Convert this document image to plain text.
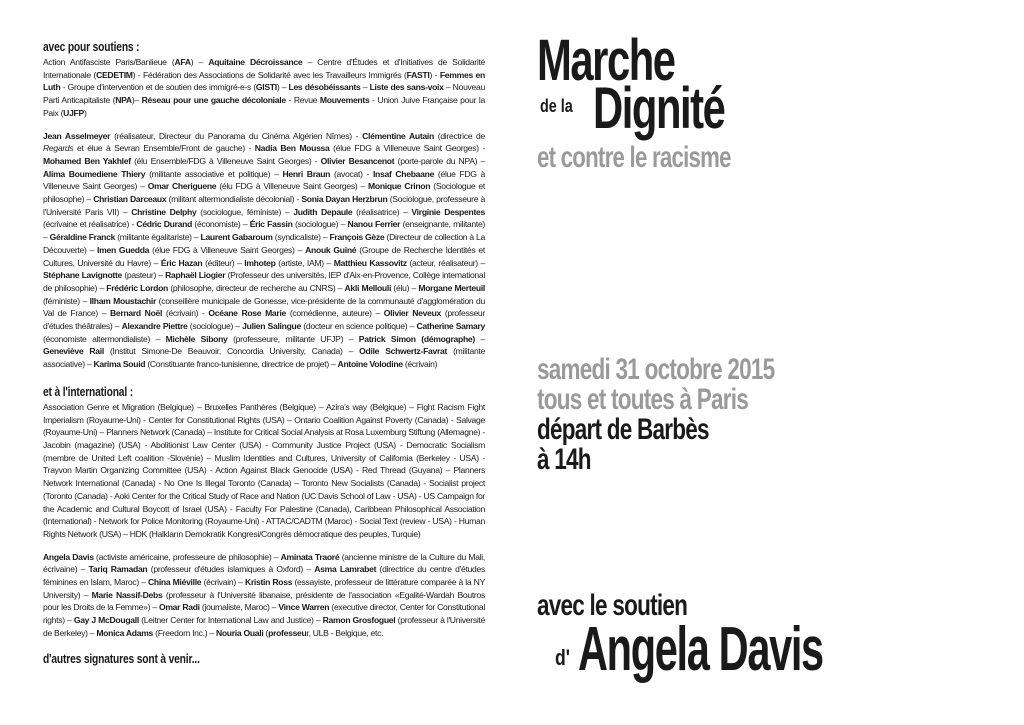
avec pour soutiens :

Action Antifasciste Paris/Banlieue (AFA) – Aquitaine Décroissance – Centre d'Études et d'Initiatives de Solidarité Internationale (CEDETIM) - Fédération des Associations de Solidarité avec les Travailleurs Immigrés (FASTI) - Femmes en Luth - Groupe d'intervention et de soutien des immigré-e-s (GISTI) – Les désobéissants – Liste des sans-voix – Nouveau Parti Anticapitaliste (NPA)– Réseau pour une gauche décoloniale - Revue Mouvements - Union Juive Française pour la Paix (UJFP)

Jean Asselmeyer (réalisateur, Directeur du Panorama du Cinéma Algérien Nîmes) - Clémentine Autain (directrice de Regards et élue à Sevran Ensemble/Front de gauche) - Nadia Ben Moussa (élue FDG à Villeneuve Saint Georges) - Mohamed Ben Yakhlef (élu Ensemble/FDG à Villeneuve Saint Georges) - Olivier Besancenot (porte-parole du NPA) – Alima Boumediene Thiery (militante associative et politique) – Henri Braun (avocat) - Insaf Chebaane (élue FDG à Villeneuve Saint Georges) – Omar Cheriguene (élu FDG à Villeneuve Saint Georges) – Monique Crinon (Sociologue et philosophe) – Christian Darceaux (militant altermondialiste décolonial) - Sonia Dayan Herzbrun (Sociologue, professeure à l'Université Paris VII) – Christine Delphy (sociologue, féministe) – Judith Depaule (réalisatrice) – Virginie Despentes (écrivaine et réalisatrice) - Cédric Durand (économiste) – Éric Fassin (sociologue) – Nanou Ferrier (enseignante, militante) – Géraldine Franck (militante égalitariste) – Laurent Gabaroum (syndicaliste) – François Gèze (Directeur de collection à La Découverte) – Imen Guedda (élue FDG à Villeneuve Saint Georges) – Anouk Guiné (Groupe de Recherche Identités et Cultures, Université du Havre) – Éric Hazan (éditeur) – Imhotep (artiste, IAM) – Matthieu Kassovitz (acteur, réalisateur) – Stéphane Lavignotte (pasteur) – Raphaël Liogier (Professeur des universités, IEP d'Aix-en-Provence, Collège international de philosophie) – Frédéric Lordon (philosophe, directeur de recherche au CNRS) – Akli Mellouli (élu) – Morgane Merteuil (féministe) – Ilham Moustachir (conseillère municipale de Gonesse, vice-présidente de la communauté d'agglomération du Val de France) – Bernard Noël (écrivain) - Océane Rose Marie (comédienne, auteure) – Olivier Neveux (professeur d'études théâtrales) – Alexandre Piettre (sociologue) – Julien Salingue (docteur en science politique) – Catherine Samary (économiste altermondialiste) – Michèle Sibony (professeure, militante UFJP) – Patrick Simon (démographe) – Geneviève Rail (Institut Simone-De Beauvoir, Concordia University, Canada) – Odile Schwertz-Favrat (militante associative) – Karima Souid (Constituante franco-tunisienne, directrice de projet) – Antoine Volodine (écrivain)

et à l'international :

Association Genre et Migration (Belgique) – Bruxelles Panthères (Belgique) – Azira's way (Belgique) – Fight Racism Fight Imperialism (Royaume-Uni) - Center for Constitutional Rights (USA) – Ontario Coalition Against Poverty (Canada) - Salvage (Royaume-Uni) – Planners Network (Canada) – Institute for Critical Social Analysis at Rosa Luxemburg Stiftung (Allemagne) - Jacobin (magazine) (USA) - Abolitionist Law Center (USA) - Community Justice Project (USA) - Democratic Socialism (membre de United Left coalition -Slovénie) – Muslim Identities and Cultures, University of California (Berkeley - USA) - Trayvon Martin Organizing Committee (USA) - Action Against Black Genocide (USA) - Red Thread (Guyana) – Planners Network International (Canada) - No One Is Illegal Toronto (Canada) – Toronto New Socialists (Canada) - Socialist project (Toronto (Canada) - Aoki Center for the Critical Study of Race and Nation (UC Davis School of Law - USA) - US Campaign for the Academic and Cultural Boycott of Israel (USA) - Faculty For Palestine (Canada), Caribbean Philosophical Association (International) - Network for Police Monitoring (Royaume-Uni) - ATTAC/CADTM (Maroc) - Social Text (review - USA) - Human Rights Network (USA) – HDK (Halkların Demokratik Kongresi/Congrès démocratique des peuples, Turquie)

Angela Davis (activiste américaine, professeure de philosophie) – Aminata Traoré (ancienne ministre de la Culture du Mali, écrivaine) – Tariq Ramadan (professeur d'études islamiques à Oxford) – Asma Lamrabet (directrice du centre d'études féminines en Islam, Maroc) – China Miéville (écrivain) – Kristin Ross (essayiste, professeur de littérature comparée à la NY University) – Marie Nassif-Debs (professeur à l'Université libanaise, présidente de l'association «Egalité-Wardah Boutros pour les Droits de la Femme») – Omar Radi (journaliste, Maroc) – Vince Warren (executive director, Center for Constitutional rights) – Gay J McDougall (Leitner Center for International Law and Justice) – Ramon Grosfoguel (professeur à l'Université de Berkeley) – Monica Adams (Freedom Inc.) – Nouria Ouali (professeur, ULB - Belgique, etc.

d'autres signatures sont à venir...

Marche
de la Dignité
et contre le racisme
samedi 31 octobre 2015
tous et toutes à Paris
départ de Barbès
à 14h
avec le soutien
d' Angela Davis
